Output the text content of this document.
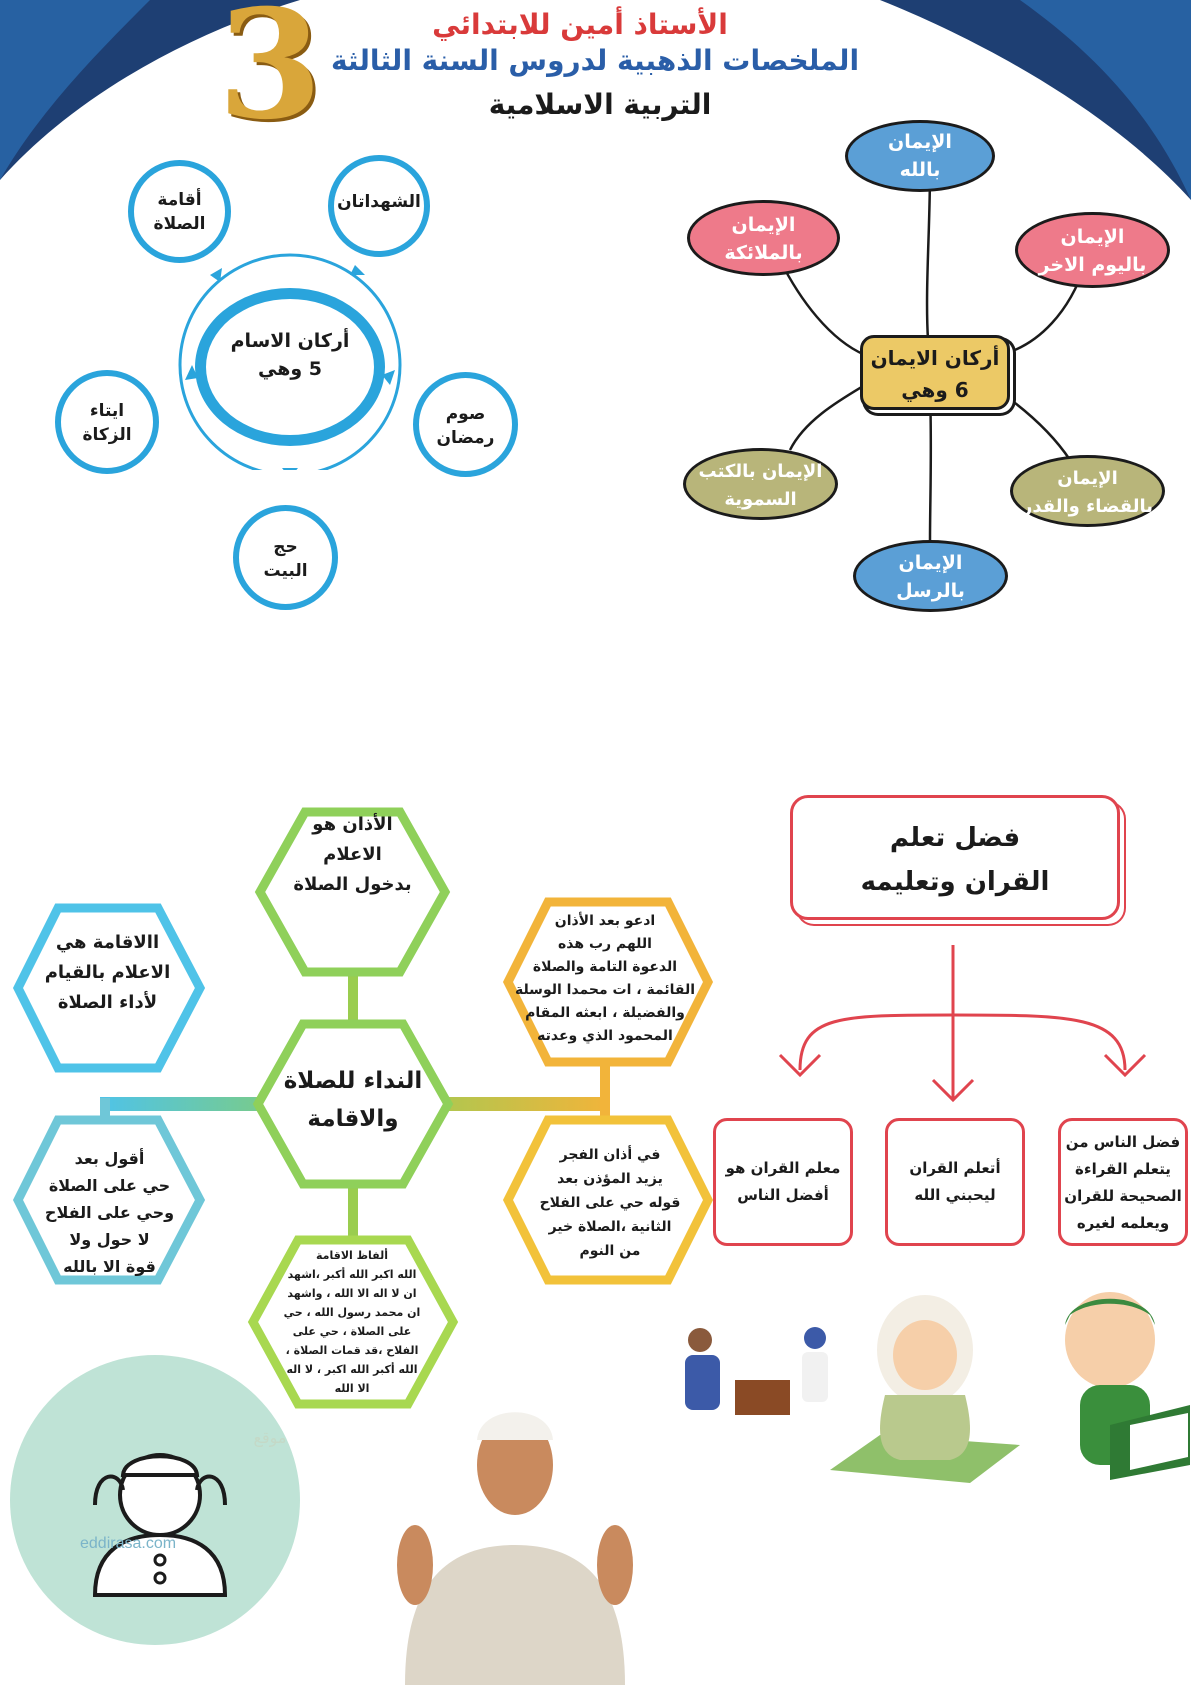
3	الأستاذ أمين للابتدائي
الملخصات الذهبية لدروس السنة الثالثة
التربية الاسلامية
أركان الاسام
5 وهي
الشهداتان
أقامة
الصلاة
ايتاء
الزكاة
صوم
رمضان
حج
البيت
أركان الايمان
6 وهي
الإيمان
بالله
الإيمان
بالملائكة
الإيمان
باليوم الاخر
الإيمان بالكتب
السموية
الإيمان
بالقضاء والقدر
الإيمان
بالرسل
الأذان هو
الاعلام
بدخول الصلاة
االاقامة هي
الاعلام بالقيام
لأداء الصلاة
ادعو بعد الأذان
اللهم رب هذه
الدعوة التامة والصلاة
القائمة ، ات محمدا الوسلة
والفضيلة ، ابعثه المقام
المحمود الذي وعدته
النداء للصلاة
والاقامة
أقول بعد
حي على الصلاة
وحي على الفلاح
لا حول ولا
قوة الا بالله
في أذان الفجر
يزيد المؤذن بعد
قوله حي على الفلاح
الثانية ،الصلاة خير
من النوم
ألفاظ الاقامة
الله اكبر الله أكبر ،اشهد
ان لا اله الا الله ، واشهد
ان محمد رسول الله ، حي
على الصلاة ، حي على
الفلاح ،قد قمات الصلاة ،
الله أكبر الله اكبر ، لا اله
الا الله
فضل تعلم
القران وتعليمه
فضل الناس من
يتعلم القراءة
الصحيحة للقران
ويعلمه لغيره
أتعلم القران
ليحبني الله
معلم القران هو
أفضل الناس
موقع
eddirasa.com
